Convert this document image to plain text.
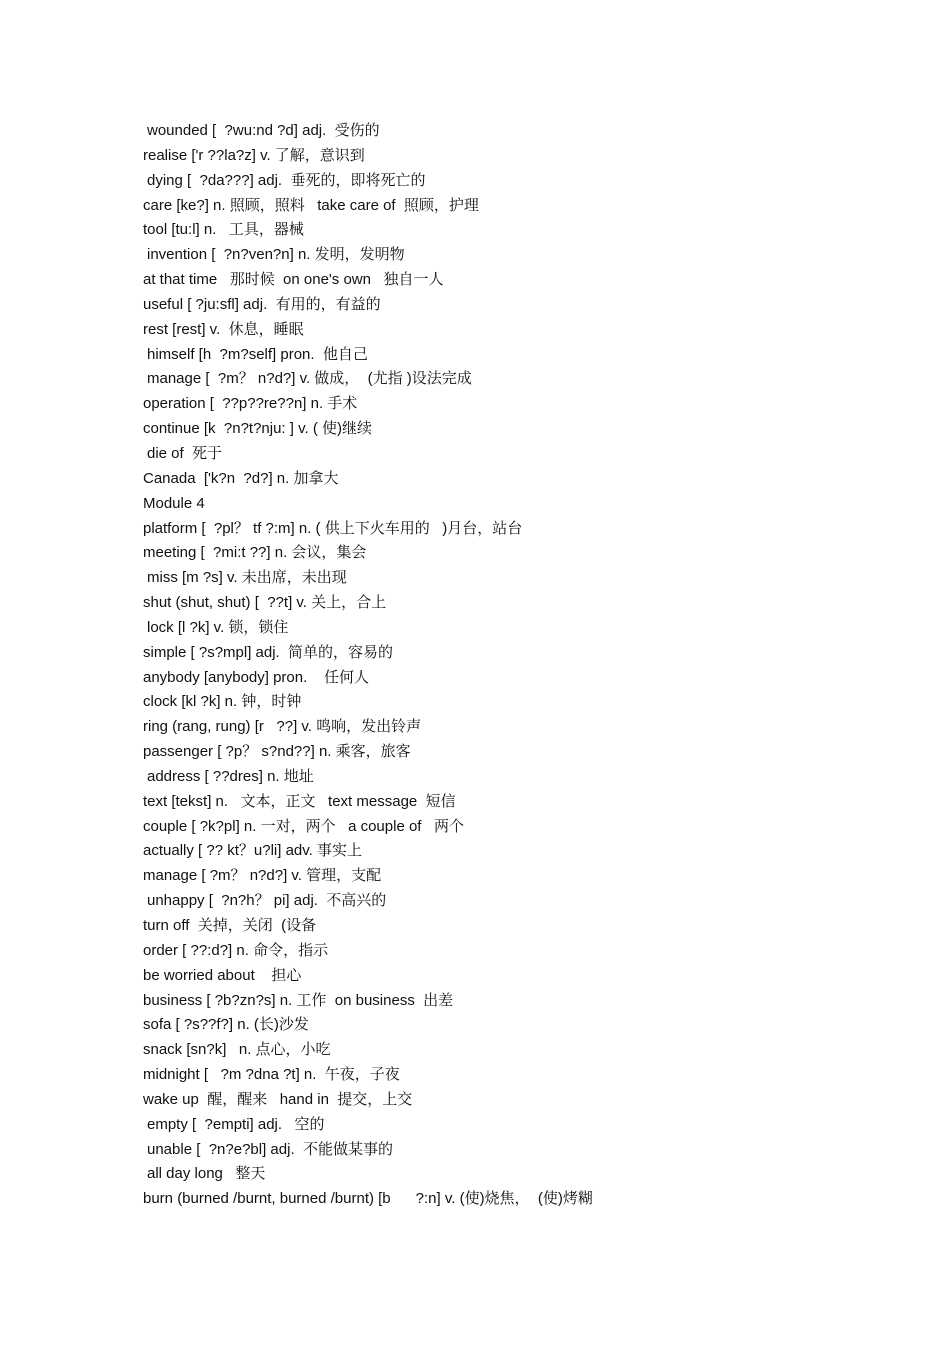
wounded [  ?wu:nd ?d] adj.  受伤的
realise ['r ??la?z] v. 了解，意识到
dying [  ?da???] adj.  垂死的，即将死亡的
care [ke?] n. 照顾，照料   take care of  照顾，护理
tool [tu:l] n.   工具，器械
invention [  ?n?ven?n] n. 发明，发明物
at that time   那时候  on one's own   独自一人
useful [ ?ju:sfl] adj.  有用的，有益的
rest [rest] v.  休息，睡眠
himself [h  ?m?self] pron.  他自己
manage [  ?m？ n?d?] v. 做成，  (尤指 )设法完成
operation [  ??p??re??n] n. 手术
continue [k  ?n?t?nju: ] v. ( 使)继续
die of  死于
Canada  ['k?n  ?d?] n. 加拿大
Module 4
platform [  ?pl？ tf ?:m] n. ( 供上下火车用的   )月台，站台
meeting [  ?mi:t ??] n. 会议，集会
miss [m ?s] v. 未出席，未出现
shut (shut, shut) [  ??t] v. 关上，合上
lock [l ?k] v. 锁，锁住
simple [ ?s?mpl] adj.  简单的，容易的
anybody [anybody] pron.    任何人
clock [kl ?k] n. 钟，时钟
ring (rang, rung) [r   ??] v. 鸣响，发出铃声
passenger [ ?p？ s?nd??] n. 乘客，旅客
address [ ??dres] n. 地址
text [tekst] n.   文本，正文   text message  短信
couple [ ?k?pl] n. 一对，两个   a couple of   两个
actually [ ?? kt？u?li] adv. 事实上
manage [ ?m？ n?d?] v. 管理，支配
unhappy [  ?n?h？ pi] adj.  不高兴的
turn off  关掉，关闭  (设备
order [ ??:d?] n. 命令，指示
be worried about    担心
business [ ?b?zn?s] n. 工作  on business  出差
sofa [ ?s??f?] n. (长)沙发
snack [sn?k]   n. 点心，小吃
midnight [   ?m ?dna ?t] n.  午夜，子夜
wake up  醒，醒来   hand in  提交，上交
empty [  ?empti] adj.   空的
unable [  ?n?e?bl] adj.  不能做某事的
all day long   整天
burn (burned /burnt, burned /burnt) [b      ?:n] v. (使)烧焦，  (使)烤糊
